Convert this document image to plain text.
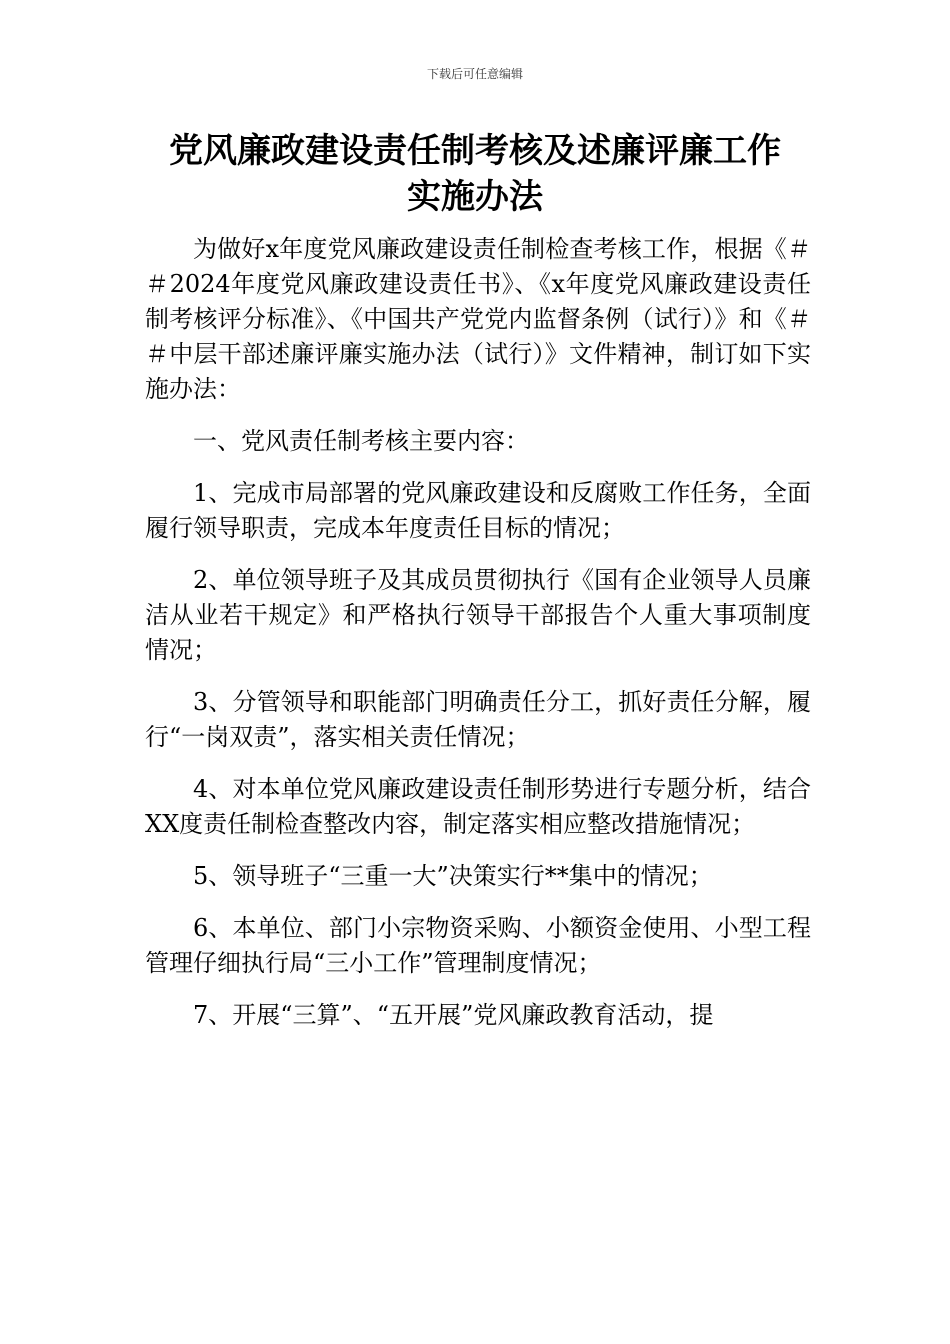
下载后可任意编辑
党风廉政建设责任制考核及述廉评廉工作
实施办法

为做好x年度党风廉政建设责任制检查考核工作，根据《＃＃2024年度党风廉政建设责任书》、《x年度党风廉政建设责任制考核评分标准》、《中国共产党党内监督条例（试行）》和《＃＃中层干部述廉评廉实施办法（试行）》文件精神，制订如下实施办法：

一、党风责任制考核主要内容：

1、完成市局部署的党风廉政建设和反腐败工作任务，全面履行领导职责，完成本年度责任目标的情况；

2、单位领导班子及其成员贯彻执行《国有企业领导人员廉洁从业若干规定》和严格执行领导干部报告个人重大事项制度情况；

3、分管领导和职能部门明确责任分工，抓好责任分解，履行“一岗双责”，落实相关责任情况；

4、对本单位党风廉政建设责任制形势进行专题分析，结合XX度责任制检查整改内容，制定落实相应整改措施情况；

5、领导班子“三重一大”决策实行**集中的情况；

6、本单位、部门小宗物资采购、小额资金使用、小型工程管理仔细执行局“三小工作”管理制度情况；

7、开展“三算”、“五开展”党风廉政教育活动，提
